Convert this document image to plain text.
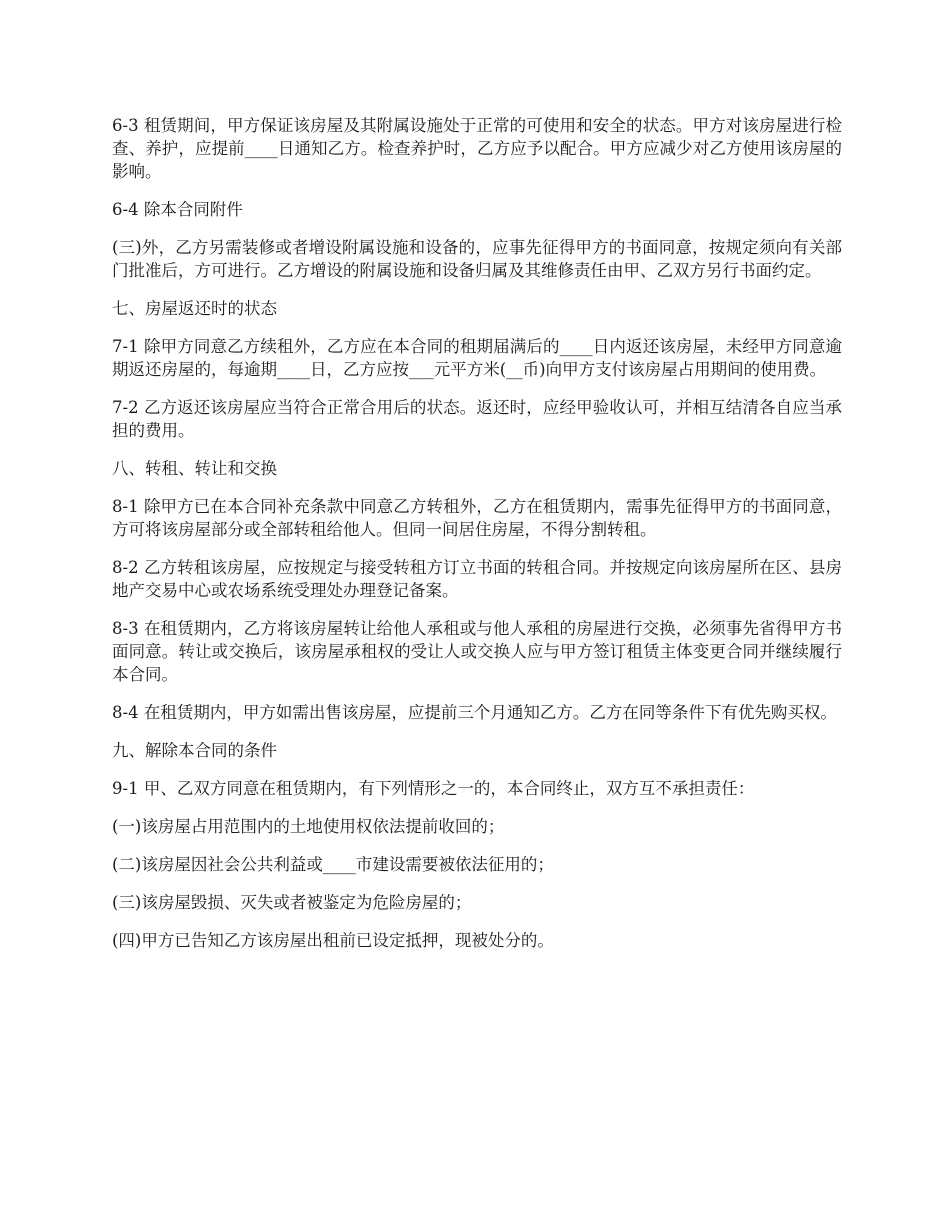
6-3 租赁期间，甲方保证该房屋及其附属设施处于正常的可使用和安全的状态。甲方对该房屋进行检查、养护，应提前____日通知乙方。检查养护时，乙方应予以配合。甲方应减少对乙方使用该房屋的影响。

6-4 除本合同附件

(三)外，乙方另需装修或者增设附属设施和设备的，应事先征得甲方的书面同意，按规定须向有关部门批准后，方可进行。乙方增设的附属设施和设备归属及其维修责任由甲、乙双方另行书面约定。

七、房屋返还时的状态

7-1 除甲方同意乙方续租外，乙方应在本合同的租期届满后的____日内返还该房屋，未经甲方同意逾期返还房屋的，每逾期____日，乙方应按___元平方米(__币)向甲方支付该房屋占用期间的使用费。

7-2 乙方返还该房屋应当符合正常合用后的状态。返还时，应经甲验收认可，并相互结清各自应当承担的费用。

八、转租、转让和交换

8-1 除甲方已在本合同补充条款中同意乙方转租外，乙方在租赁期内，需事先征得甲方的书面同意，方可将该房屋部分或全部转租给他人。但同一间居住房屋，不得分割转租。

8-2 乙方转租该房屋，应按规定与接受转租方订立书面的转租合同。并按规定向该房屋所在区、县房地产交易中心或农场系统受理处办理登记备案。

8-3 在租赁期内，乙方将该房屋转让给他人承租或与他人承租的房屋进行交换，必须事先省得甲方书面同意。转让或交换后，该房屋承租权的受让人或交换人应与甲方签订租赁主体变更合同并继续履行本合同。

8-4 在租赁期内，甲方如需出售该房屋，应提前三个月通知乙方。乙方在同等条件下有优先购买权。

九、解除本合同的条件

9-1 甲、乙双方同意在租赁期内，有下列情形之一的，本合同终止，双方互不承担责任：

(一)该房屋占用范围内的土地使用权依法提前收回的；

(二)该房屋因社会公共利益或____市建设需要被依法征用的；

(三)该房屋毁损、灭失或者被鉴定为危险房屋的；

(四)甲方已告知乙方该房屋出租前已设定抵押，现被处分的。
